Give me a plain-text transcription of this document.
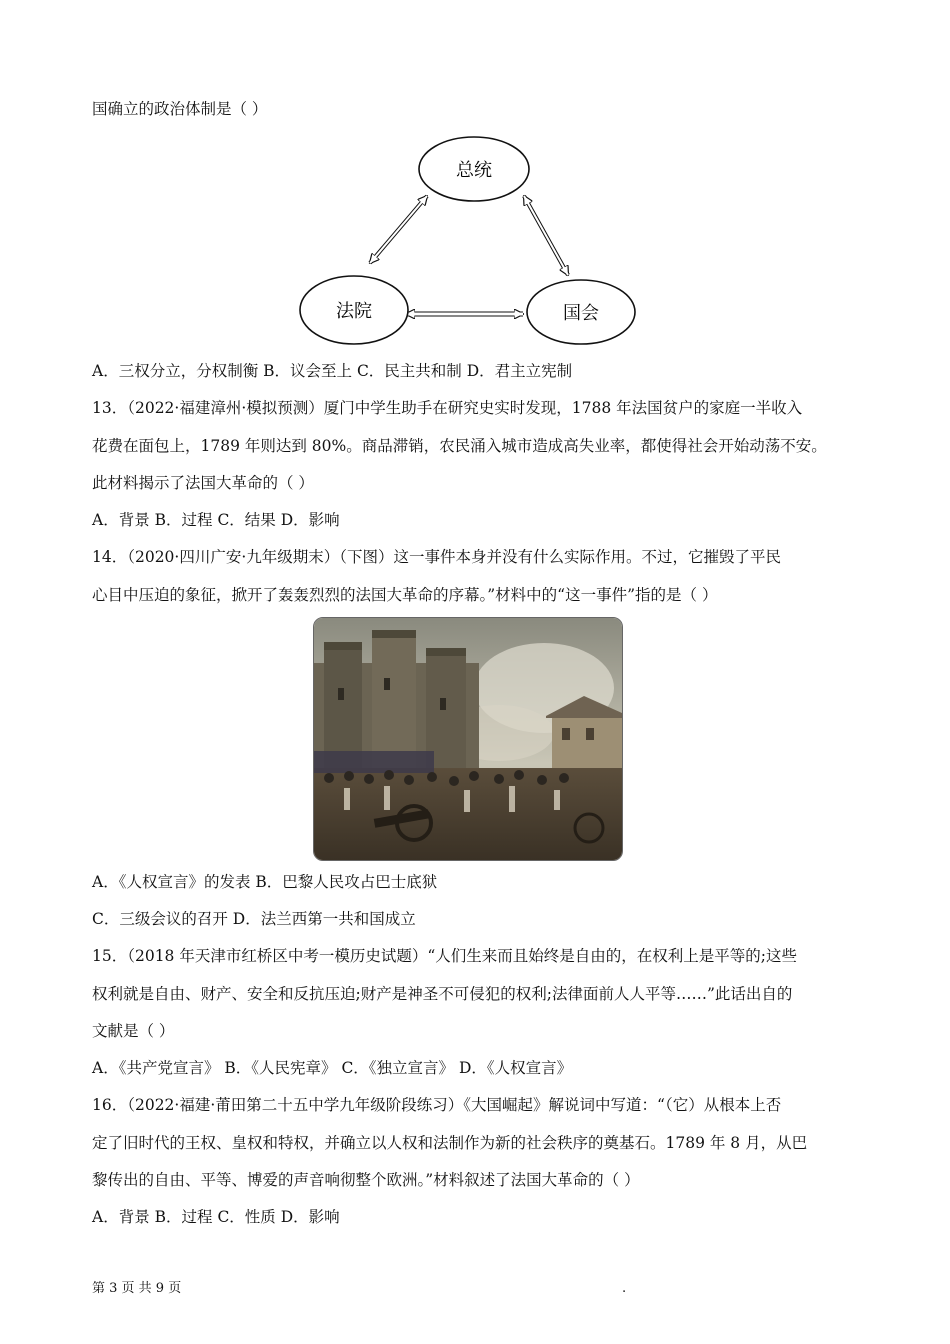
国确立的政治体制是（ ）
总统
法院	国会
A．三权分立，分权制衡 B．议会至上 C．民主共和制 D．君主立宪制
13．（2022·福建漳州·模拟预测）厦门中学生助手在研究史实时发现，1788 年法国贫户的家庭一半收入
花费在面包上，1789 年则达到 80%。商品滞销，农民涌入城市造成高失业率，都使得社会开始动荡不安。
此材料揭示了法国大革命的（ ）
A．背景 B．过程 C．结果 D．影响
14．（2020·四川广安·九年级期末）（下图）这一事件本身并没有什么实际作用。不过，它摧毁了平民
心目中压迫的象征，掀开了轰轰烈烈的法国大革命的序幕。”材料中的“这一事件”指的是（ ）
A．《人权宣言》的发表 B．巴黎人民攻占巴士底狱
C．三级会议的召开 D．法兰西第一共和国成立
15．（2018 年天津市红桥区中考一模历史试题）“人们生来而且始终是自由的，在权利上是平等的;这些
权利就是自由、财产、安全和反抗压迫;财产是神圣不可侵犯的权利;法律面前人人平等……”此话出自的
文献是（ ）
A．《共产党宣言》 B．《人民宪章》 C．《独立宣言》 D．《人权宣言》
16．（2022·福建·莆田第二十五中学九年级阶段练习）《大国崛起》解说词中写道：“（它）从根本上否
定了旧时代的王权、皇权和特权，并确立以人权和法制作为新的社会秩序的奠基石。1789 年 8 月，从巴
黎传出的自由、平等、博爱的声音响彻整个欧洲。”材料叙述了法国大革命的（ ）
A．背景 B．过程 C．性质 D．影响
第 3 页 共 9 页	.
